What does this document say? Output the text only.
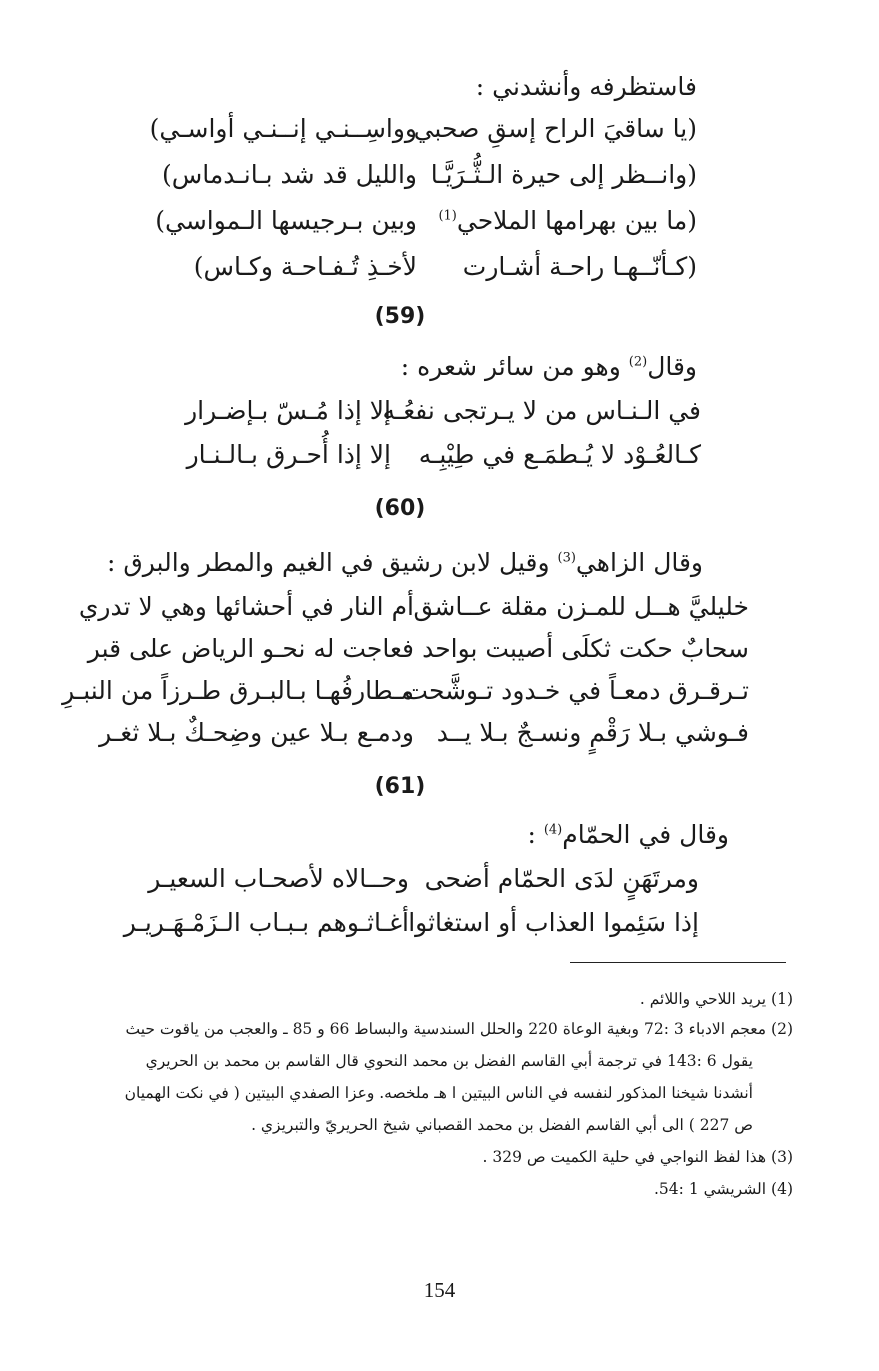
فاستظرفه وأنشدني :
(يا ساقيَ الراح إسقِ صحبي
وواسِــنـي إنــنـي أواسـي)
(وانــظر إلى حيرة الـثُّـرَيَّـا
والليل قد شد بـانـدماس)
(ما بين بهرامها الملاحي$^{(1)}$
وبين بـرجيسها الـمواسي)
(كـأنّــهـا راحـة أشـارت
لأخـذِ تُـفـاحـة وكـاس)
(59)
وقال$^{(2)}$ وهو من سائر شعره :
في الـنـاس من لا يـرتجى نفعُـه
إلا إذا مُـسّ بـإضـرار
كـالعُـوْد لا يُـطمَـع في طِيْبِـه
إلا إذا أُحـرق بـالـنـار
(60)
وقال الزاهي$^{(3)}$ وقيل لابن رشيق في الغيم والمطر والبرق :
خليليَّ هــل للمـزن مقلة عــاشق
أم النار في أحشائها وهي لا تدري
سحابٌ حكت ثكلَى أصيبت بواحد
فعاجت له نحـو الرياض على قبر
تـرقـرق دمعـاً في خـدود تـوشَّحت
مـطارفُهـا بـالبـرق طـرزاً من النبـرِ
فـوشي بـلا رَقْمٍ ونسـجٌ بـلا يــد
ودمـع بـلا عين وضِحـكٌ بـلا ثغـر
(61)
وقال في الحمّام$^{(4)}$ :
ومرتَهَنٍ لدَى الحمّام أضحى
وحــالاه لأصحـاب السعيـر
إذا سَئِموا العذاب أو استغاثوا
أغـاثـوهم بـبـاب الـزَمْـهَـريـر
(1) يريد اللاحي واللائم .
(2) معجم الادباء 3 :72 وبغية الوعاة 220 والحلل السندسية والبساط 66 و 85 ـ والعجب من ياقوت حيث
يقول 6 :143 في ترجمة أبي القاسم الفضل بن محمد النحوي قال القاسم بن محمد بن الحريري
أنشدنا شيخنا المذكور لنفسه في الناس البيتين ا هـ ملخصه. وعزا الصفدي البيتين ( في نكت الهميان
ص 227 ) الى أبي القاسم الفضل بن محمد القصباني شيخ الحريريّ والتبريزي .
(3) هذا لفظ النواجي في حلية الكميت ص 329 .
(4) الشريشي 1 :54.
154
